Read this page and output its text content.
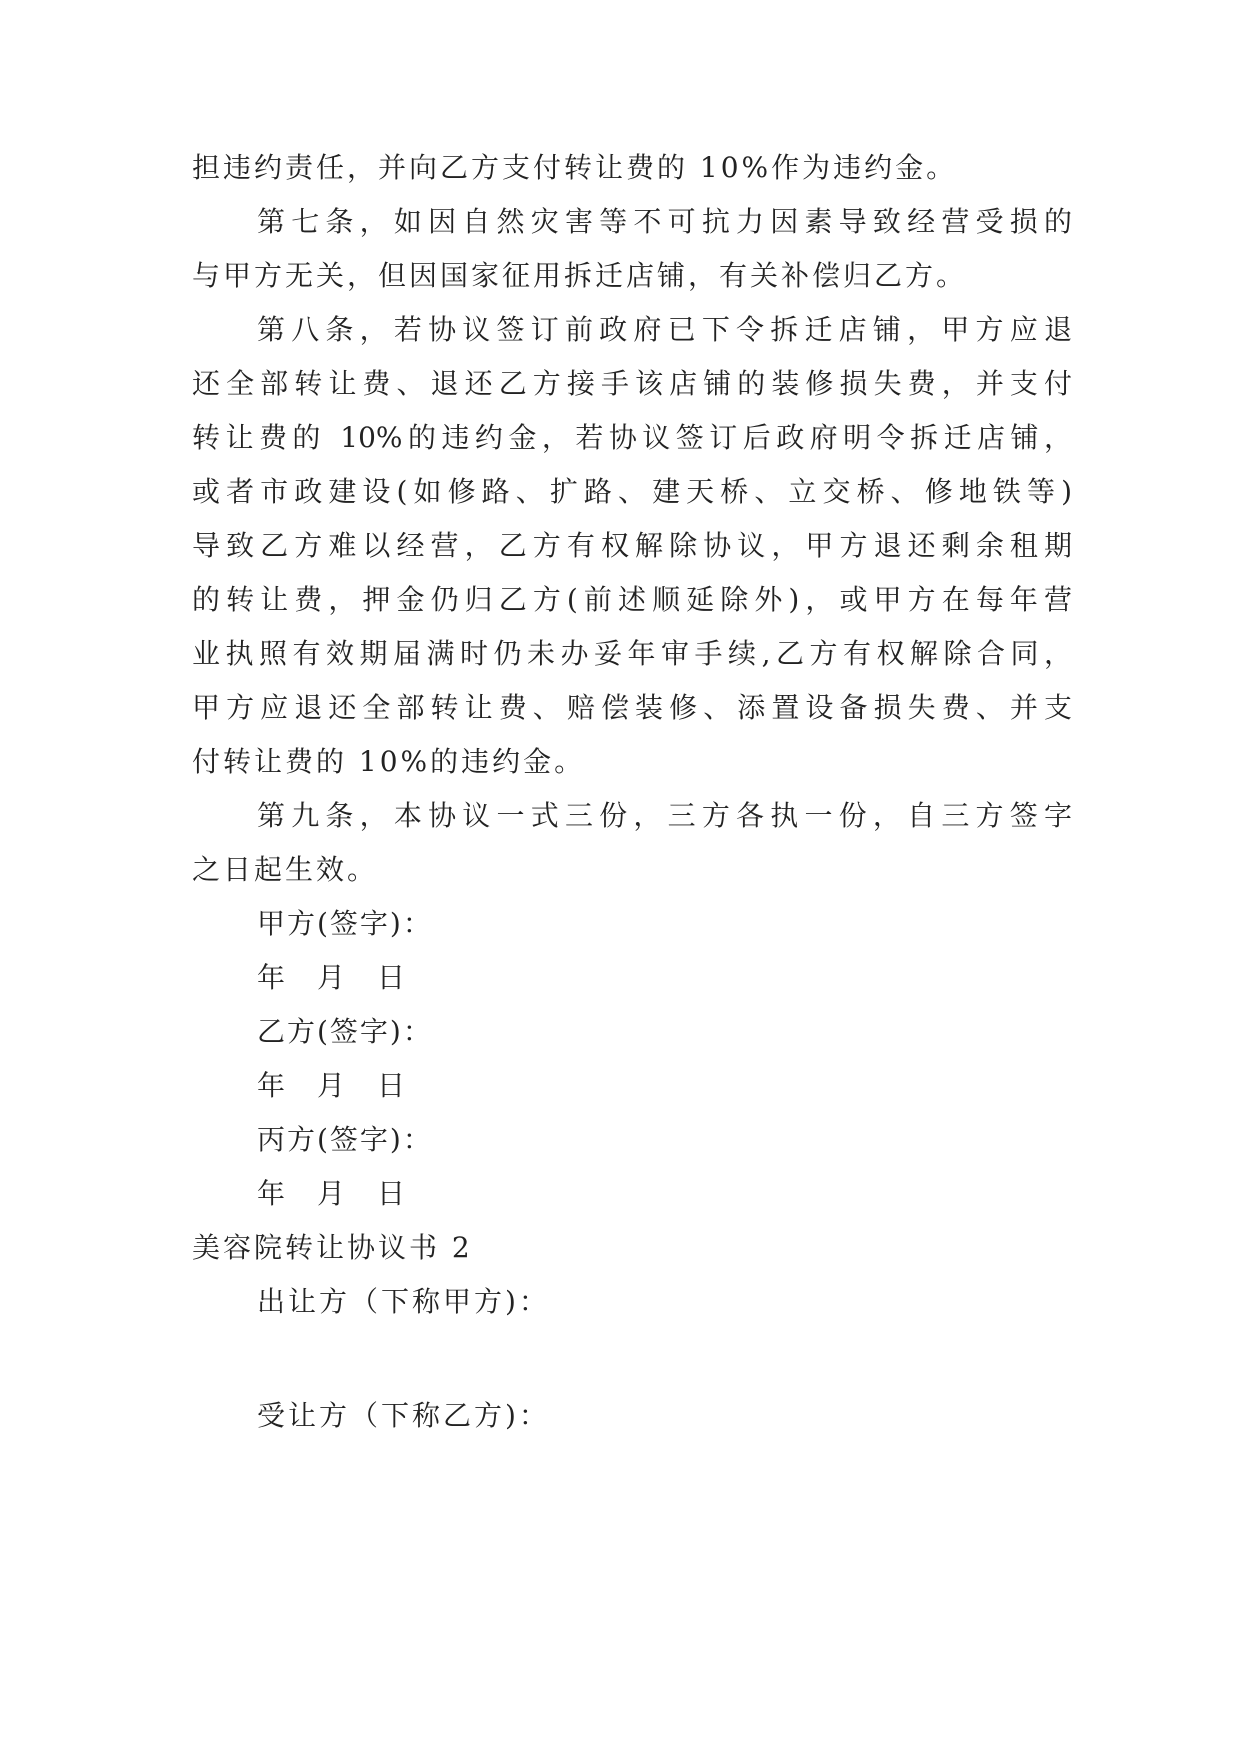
担违约责任，并向乙方支付转让费的 10%作为违约金。
第七条，如因自然灾害等不可抗力因素导致经营受损的
与甲方无关，但因国家征用拆迁店铺，有关补偿归乙方。
第八条，若协议签订前政府已下令拆迁店铺，甲方应退
还全部转让费、退还乙方接手该店铺的装修损失费，并支付
转让费的 10%的违约金，若协议签订后政府明令拆迁店铺，
或者市政建设(如修路、扩路、建天桥、立交桥、修地铁等)
导致乙方难以经营，乙方有权解除协议，甲方退还剩余租期
的转让费，押金仍归乙方(前述顺延除外)，或甲方在每年营
业执照有效期届满时仍未办妥年审手续,乙方有权解除合同，
甲方应退还全部转让费、赔偿装修、添置设备损失费、并支
付转让费的 10%的违约金。
第九条，本协议一式三份，三方各执一份，自三方签字
之日起生效。
甲方(签字)：
年 月 日
乙方(签字)：
年 月 日
丙方(签字)：
年 月 日
美容院转让协议书 2
出让方（下称甲方)：
受让方（下称乙方)：
